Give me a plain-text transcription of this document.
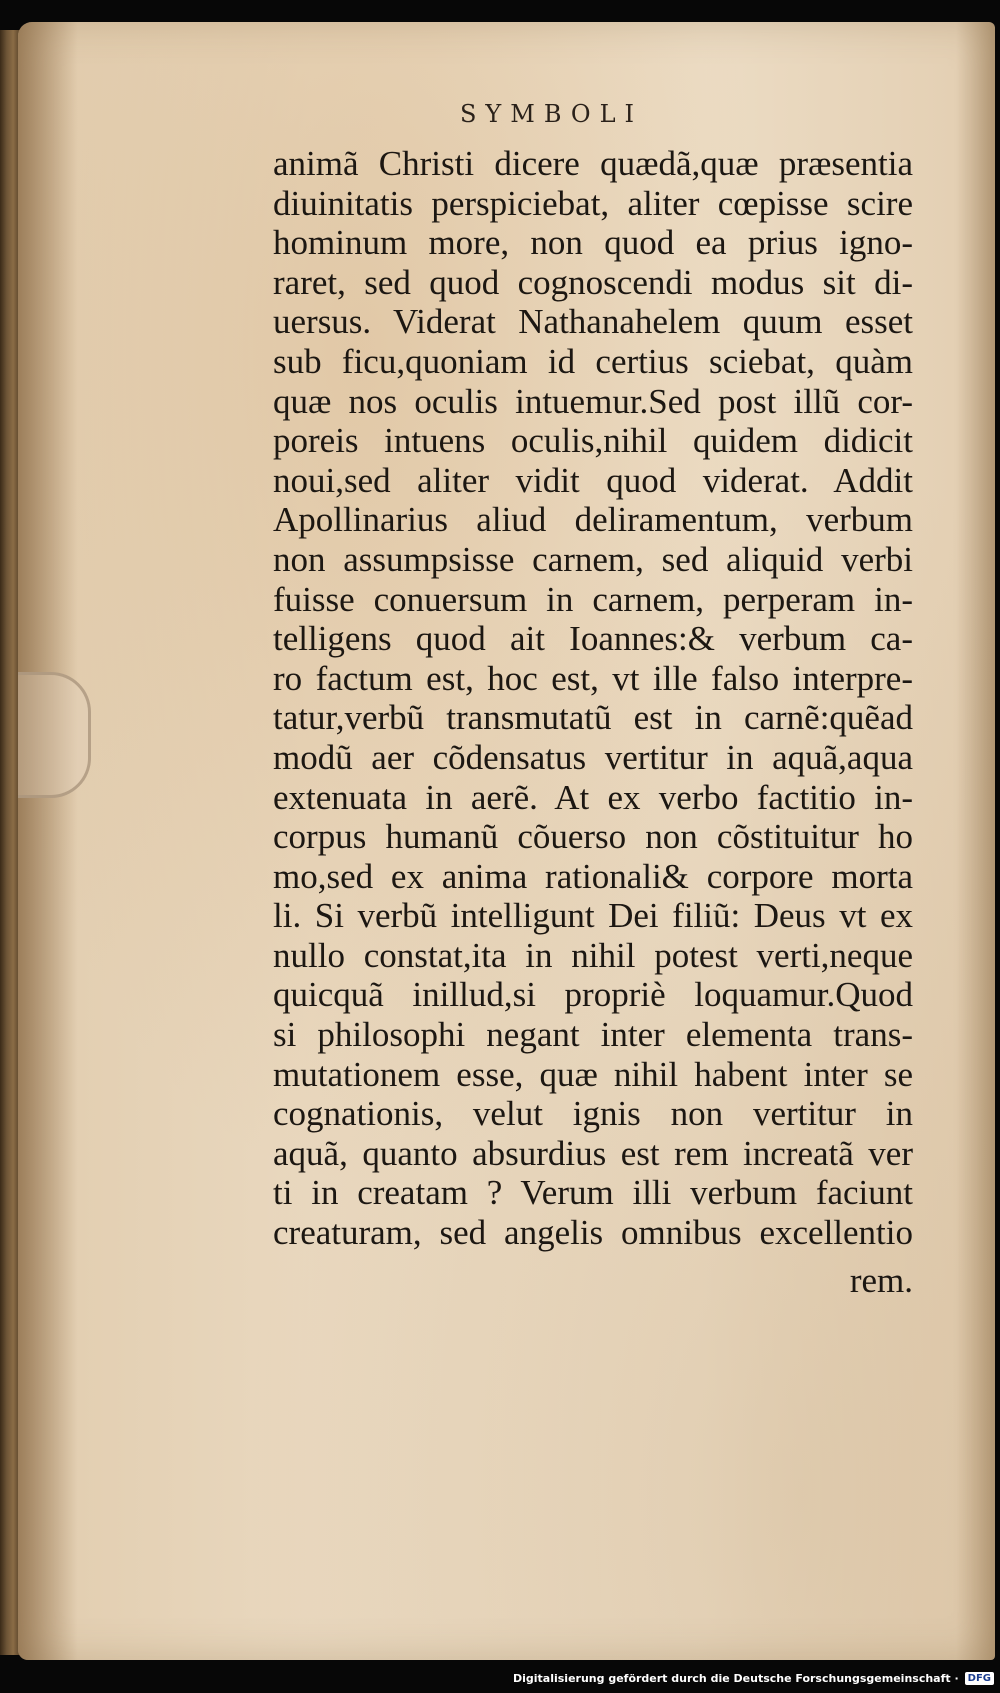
SYMBOLI
animã Christi dicere quædã,quæ præsentia
diuinitatis perspiciebat, aliter cœpisse scire
hominum more, non quod ea prius igno-
raret, sed quod cognoscendi modus sit di-
uersus. Viderat Nathanahelem quum esset
sub ficu,quoniam id certius sciebat, quàm
quæ nos oculis intuemur.Sed post illũ cor-
poreis intuens oculis,nihil quidem didicit
noui,sed aliter vidit quod viderat. Addit
Apollinarius aliud deliramentum, verbum
non assumpsisse carnem, sed aliquid verbi
fuisse conuersum in carnem, perperam in-
telligens quod ait Ioannes:& verbum ca-
ro factum est, hoc est, vt ille falso interpre-
tatur,verbũ transmutatũ est in carnẽ:quẽad
modũ aer cõdensatus vertitur in aquã,aqua
extenuata in aerẽ. At ex verbo factitio in-
corpus humanũ cõuerso non cõstituitur ho
mo,sed ex anima rationali& corpore morta
li. Si verbũ intelligunt Dei filiũ: Deus vt ex
nullo constat,ita in nihil potest verti,neque
quicquã inillud,si propriè loquamur.Quod
si philosophi negant inter elementa trans-
mutationem esse, quæ nihil habent inter se
cognationis, velut ignis non vertitur in
aquã, quanto absurdius est rem increatã ver
ti in creatam ? Verum illi verbum faciunt
creaturam, sed angelis omnibus excellentio
rem.
Digitalisierung gefördert durch die Deutsche Forschungsgemeinschaft · DFG
